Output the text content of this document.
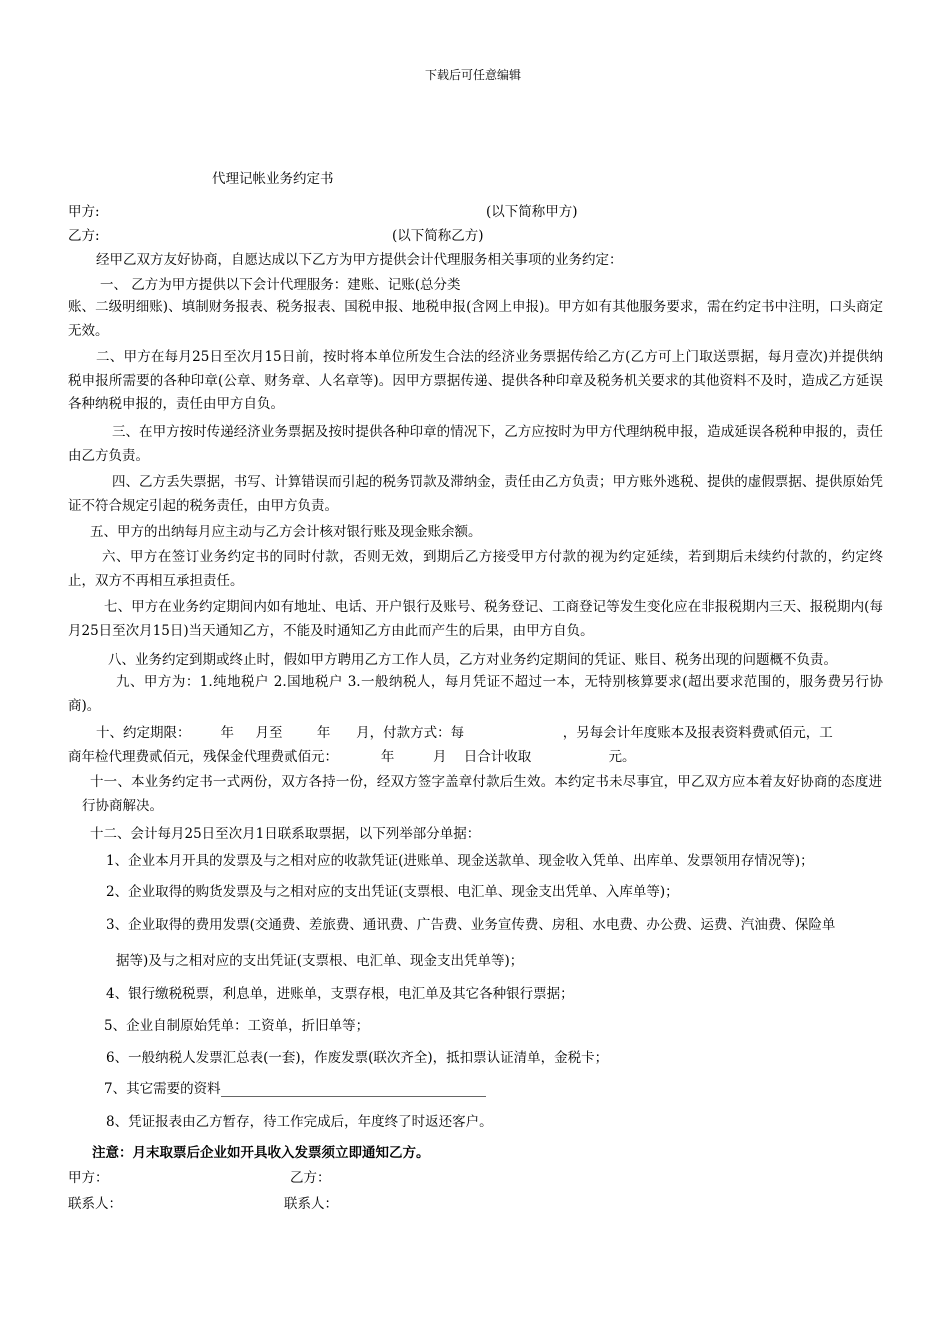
下载后可任意编辑
代理记帐业务约定书
甲方:	(以下简称甲方)
乙方:	(以下简称乙方)
经甲乙双方友好协商，自愿达成以下乙方为甲方提供会计代理服务相关事项的业务约定：
一、 乙方为甲方提供以下会计代理服务：建账、记账(总分类
账、二级明细账)、填制财务报表、税务报表、国税申报、地税申报(含网上申报)。甲方如有其他服务要求，需在约定书中注明，口头商定无效。
二、甲方在每月25日至次月15日前，按时将本单位所发生合法的经济业务票据传给乙方(乙方可上门取送票据，每月壹次)并提供纳税申报所需要的各种印章(公章、财务章、人名章等)。因甲方票据传递、提供各种印章及税务机关要求的其他资料不及时，造成乙方延误各种纳税申报的，责任由甲方自负。
三、在甲方按时传递经济业务票据及按时提供各种印章的情况下，乙方应按时为甲方代理纳税申报，造成延误各税种申报的，责任由乙方负责。
四、乙方丢失票据，书写、计算错误而引起的税务罚款及滞纳金，责任由乙方负责；甲方账外逃税、提供的虚假票据、提供原始凭证不符合规定引起的税务责任，由甲方负责。
五、甲方的出纳每月应主动与乙方会计核对银行账及现金账余额。
六、甲方在签订业务约定书的同时付款，否则无效，到期后乙方接受甲方付款的视为约定延续，若到期后未续约付款的，约定终止，双方不再相互承担责任。
七、甲方在业务约定期间内如有地址、电话、开户银行及账号、税务登记、工商登记等发生变化应在非报税期内三天、报税期内(每月25日至次月15日)当天通知乙方，不能及时通知乙方由此而产生的后果，由甲方自负。
八、业务约定到期或终止时，假如甲方聘用乙方工作人员，乙方对业务约定期间的凭证、账目、税务出现的问题概不负责。
九、甲方为：1.纯地税户 2.国地税户 3.一般纳税人，每月凭证不超过一本，无特别核算要求(超出要求范围的，服务费另行协商)。
十、约定期限：       年     月至        年      月，付款方式：每                       ，另每会计年度账本及报表资料费贰佰元，工
商年检代理费贰佰元，残保金代理费贰佰元：          年         月    日合计收取                  元。
十一、本业务约定书一式两份，双方各持一份，经双方签字盖章付款后生效。本约定书未尽事宜，甲乙双方应本着友好协商的态度进行协商解决。
十二、会计每月25日至次月1日联系取票据，以下列举部分单据：
1、企业本月开具的发票及与之相对应的收款凭证(进账单、现金送款单、现金收入凭单、出库单、发票领用存情况等)；
2、企业取得的购货发票及与之相对应的支出凭证(支票根、电汇单、现金支出凭单、入库单等)；
3、企业取得的费用发票(交通费、差旅费、通讯费、广告费、业务宣传费、房租、水电费、办公费、运费、汽油费、保险单
据等)及与之相对应的支出凭证(支票根、电汇单、现金支出凭单等)；
4、银行缴税税票，利息单，进账单，支票存根，电汇单及其它各种银行票据；
5、企业自制原始凭单：工资单，折旧单等；
6、一般纳税人发票汇总表(一套)，作废发票(联次齐全)，抵扣票认证清单，金税卡；
7、其它需要的资料
8、凭证报表由乙方暂存，待工作完成后，年度终了时返还客户。
注意：月末取票后企业如开具收入发票须立即通知乙方。
甲方：	乙方：
联系人：	联系人：
